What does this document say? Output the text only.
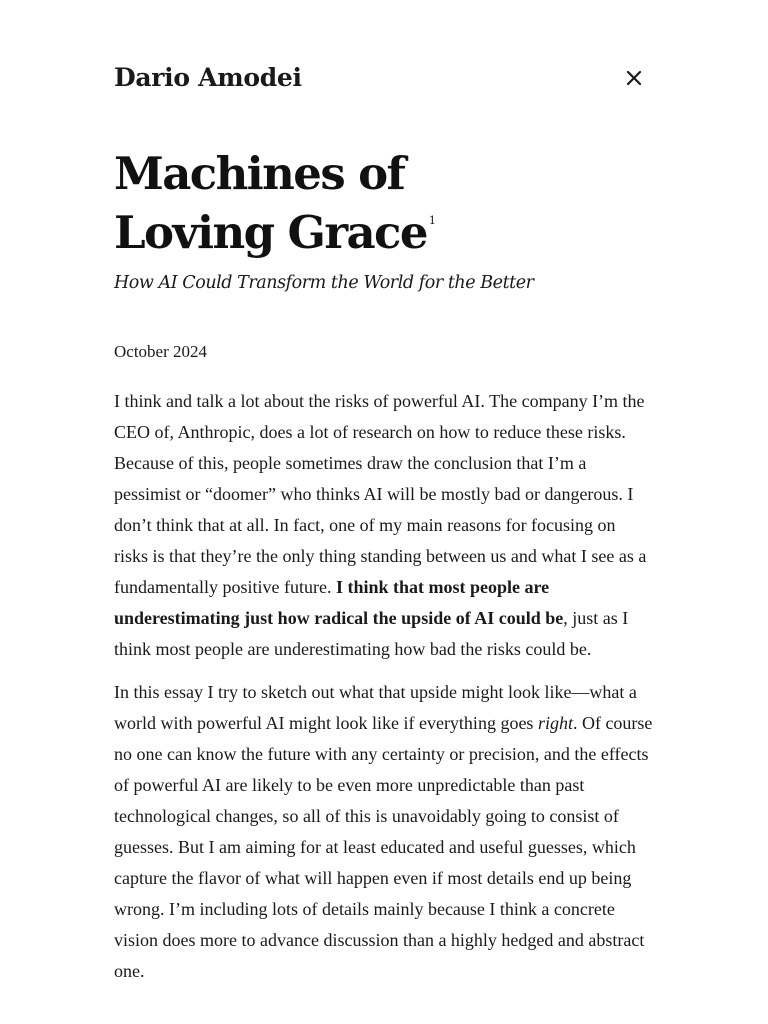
Dario Amodei
Machines of
Loving Grace $^1$

How AI Could Transform the World for the Better

October 2024

I think and talk a lot about the risks of powerful AI. The company I’m the CEO of, Anthropic, does a lot of research on how to reduce these risks. Because of this, people sometimes draw the conclusion that I’m a pessimist or “doomer” who thinks AI will be mostly bad or dangerous. I don’t think that at all. In fact, one of my main reasons for focusing on risks is that they’re the only thing standing between us and what I see as a fundamentally positive future. I think that most people are underestimating just how radical the upside of AI could be, just as I think most people are underestimating how bad the risks could be.

In this essay I try to sketch out what that upside might look like—what a world with powerful AI might look like if everything goes right. Of course no one can know the future with any certainty or precision, and the effects of powerful AI are likely to be even more unpredictable than past technological changes, so all of this is unavoidably going to consist of guesses. But I am aiming for at least educated and useful guesses, which capture the flavor of what will happen even if most details end up being wrong. I’m including lots of details mainly because I think a concrete vision does more to advance discussion than a highly hedged and abstract one.
